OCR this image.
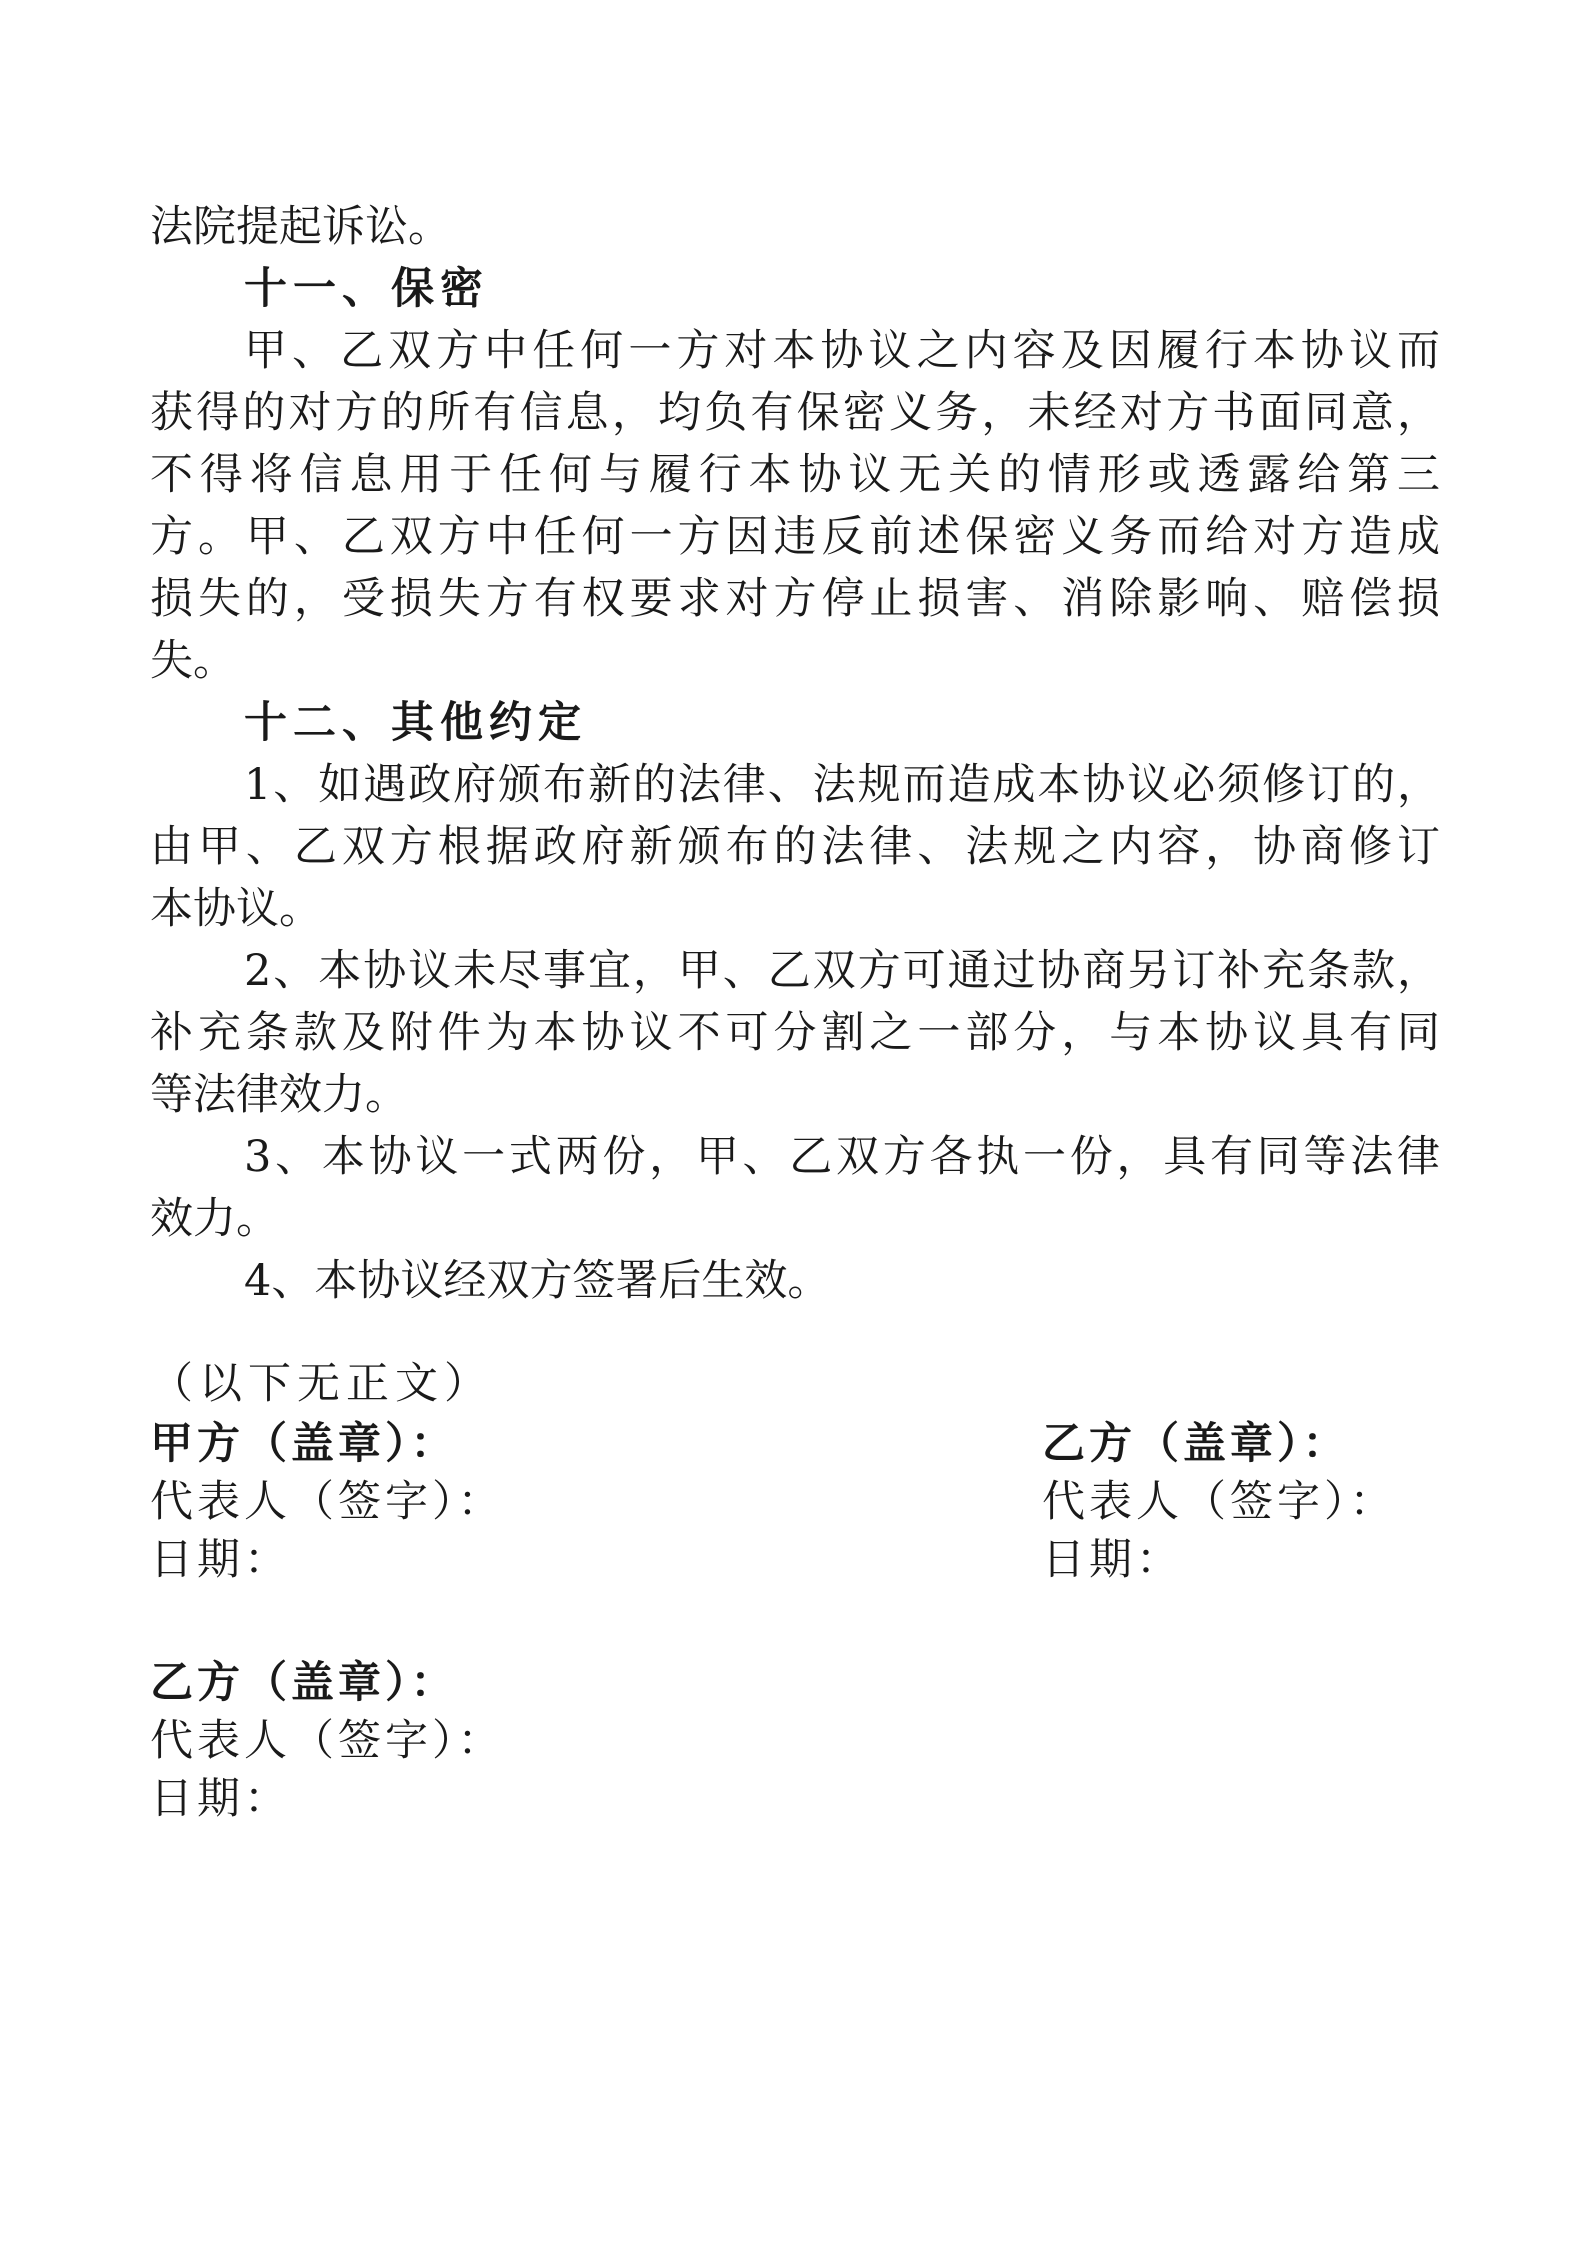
法院提起诉讼。
十一、保密
甲、乙双方中任何一方对本协议之内容及因履行本协议而
获得的对方的所有信息，均负有保密义务，未经对方书面同意，
不得将信息用于任何与履行本协议无关的情形或透露给第三
方。甲、乙双方中任何一方因违反前述保密义务而给对方造成
损失的，受损失方有权要求对方停止损害、消除影响、赔偿损
失。
十二、其他约定
1、如遇政府颁布新的法律、法规而造成本协议必须修订的，
由甲、乙双方根据政府新颁布的法律、法规之内容，协商修订
本协议。
2、本协议未尽事宜，甲、乙双方可通过协商另订补充条款，
补充条款及附件为本协议不可分割之一部分，与本协议具有同
等法律效力。
3、本协议一式两份，甲、乙双方各执一份，具有同等法律
效力。
4、本协议经双方签署后生效。
（以下无正文）
甲方（盖章）：
代表人（签字）：
日期：
乙方（盖章）：
代表人（签字）：
日期：
乙方（盖章）：
代表人（签字）：
日期：
